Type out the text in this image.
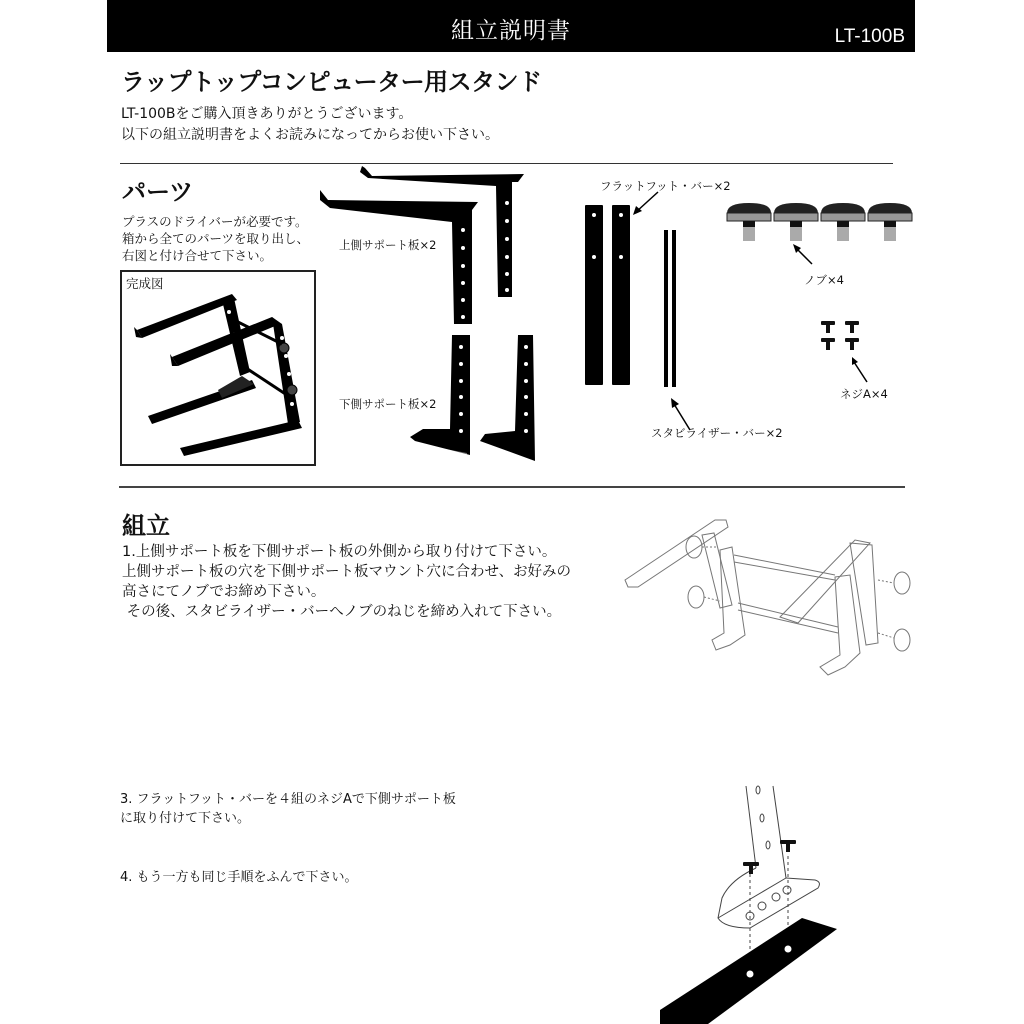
組立説明書	LT-100B
ラップトップコンピューター用スタンド
LT-100Bをご購入頂きありがとうございます。
以下の組立説明書をよくお読みになってからお使い下さい。
パーツ
プラスのドライバーが必要です。
箱から全てのパーツを取り出し、
右図と付け合せて下さい。
完成図
上側サポート板×2
下側サポート板×2
フラットフット・バー×2
スタビライザー・バー×2
ノブ×4
ネジA×4
組立
1.上側サポート板を下側サポート板の外側から取り付けて下さい。
上側サポート板の穴を下側サポート板マウント穴に合わせ、お好みの
高さにてノブでお締め下さい。
その後、スタビライザー・バーへノブのねじを締め入れて下さい。
3. フラットフット・バーを４組のネジAで下側サポート板
に取り付けて下さい。
4. もう一方も同じ手順をふんで下さい。
